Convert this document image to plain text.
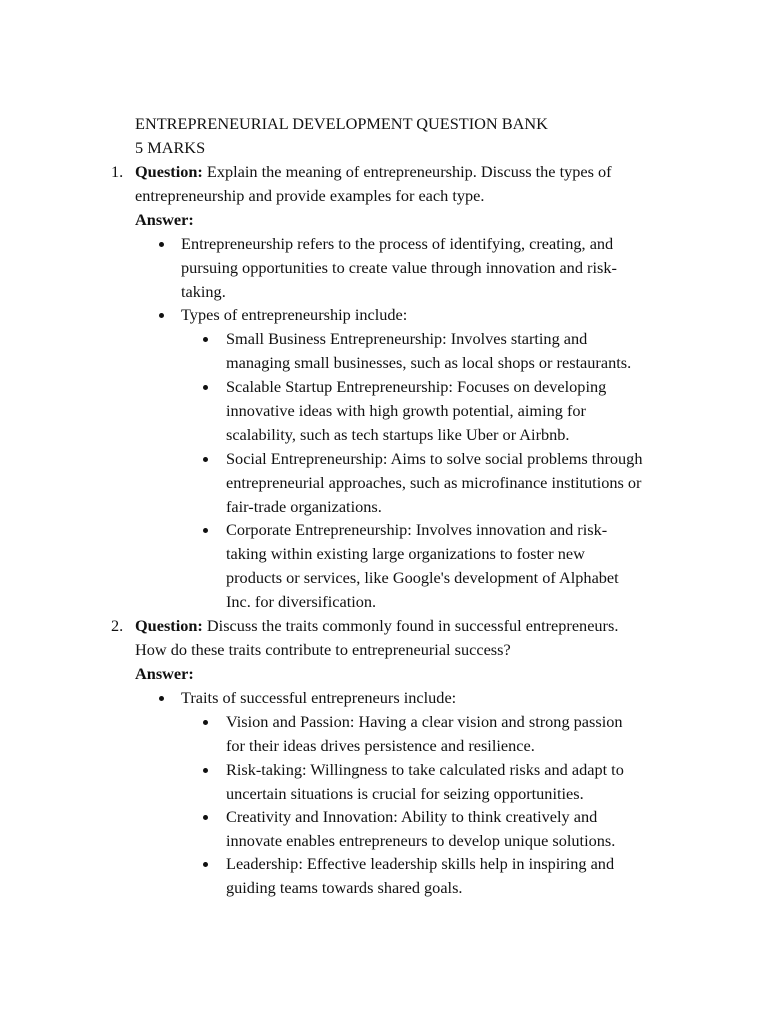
ENTREPRENEURIAL DEVELOPMENT QUESTION BANK
5 MARKS
1. Question: Explain the meaning of entrepreneurship. Discuss the types of
entrepreneurship and provide examples for each type.
Answer:
Entrepreneurship refers to the process of identifying, creating, and
pursuing opportunities to create value through innovation and risk-
taking.
Types of entrepreneurship include:
Small Business Entrepreneurship: Involves starting and
managing small businesses, such as local shops or restaurants.
Scalable Startup Entrepreneurship: Focuses on developing
innovative ideas with high growth potential, aiming for
scalability, such as tech startups like Uber or Airbnb.
Social Entrepreneurship: Aims to solve social problems through
entrepreneurial approaches, such as microfinance institutions or
fair-trade organizations.
Corporate Entrepreneurship: Involves innovation and risk-
taking within existing large organizations to foster new
products or services, like Google's development of Alphabet
Inc. for diversification.
2. Question: Discuss the traits commonly found in successful entrepreneurs.
How do these traits contribute to entrepreneurial success?
Answer:
Traits of successful entrepreneurs include:
Vision and Passion: Having a clear vision and strong passion
for their ideas drives persistence and resilience.
Risk-taking: Willingness to take calculated risks and adapt to
uncertain situations is crucial for seizing opportunities.
Creativity and Innovation: Ability to think creatively and
innovate enables entrepreneurs to develop unique solutions.
Leadership: Effective leadership skills help in inspiring and
guiding teams towards shared goals.
